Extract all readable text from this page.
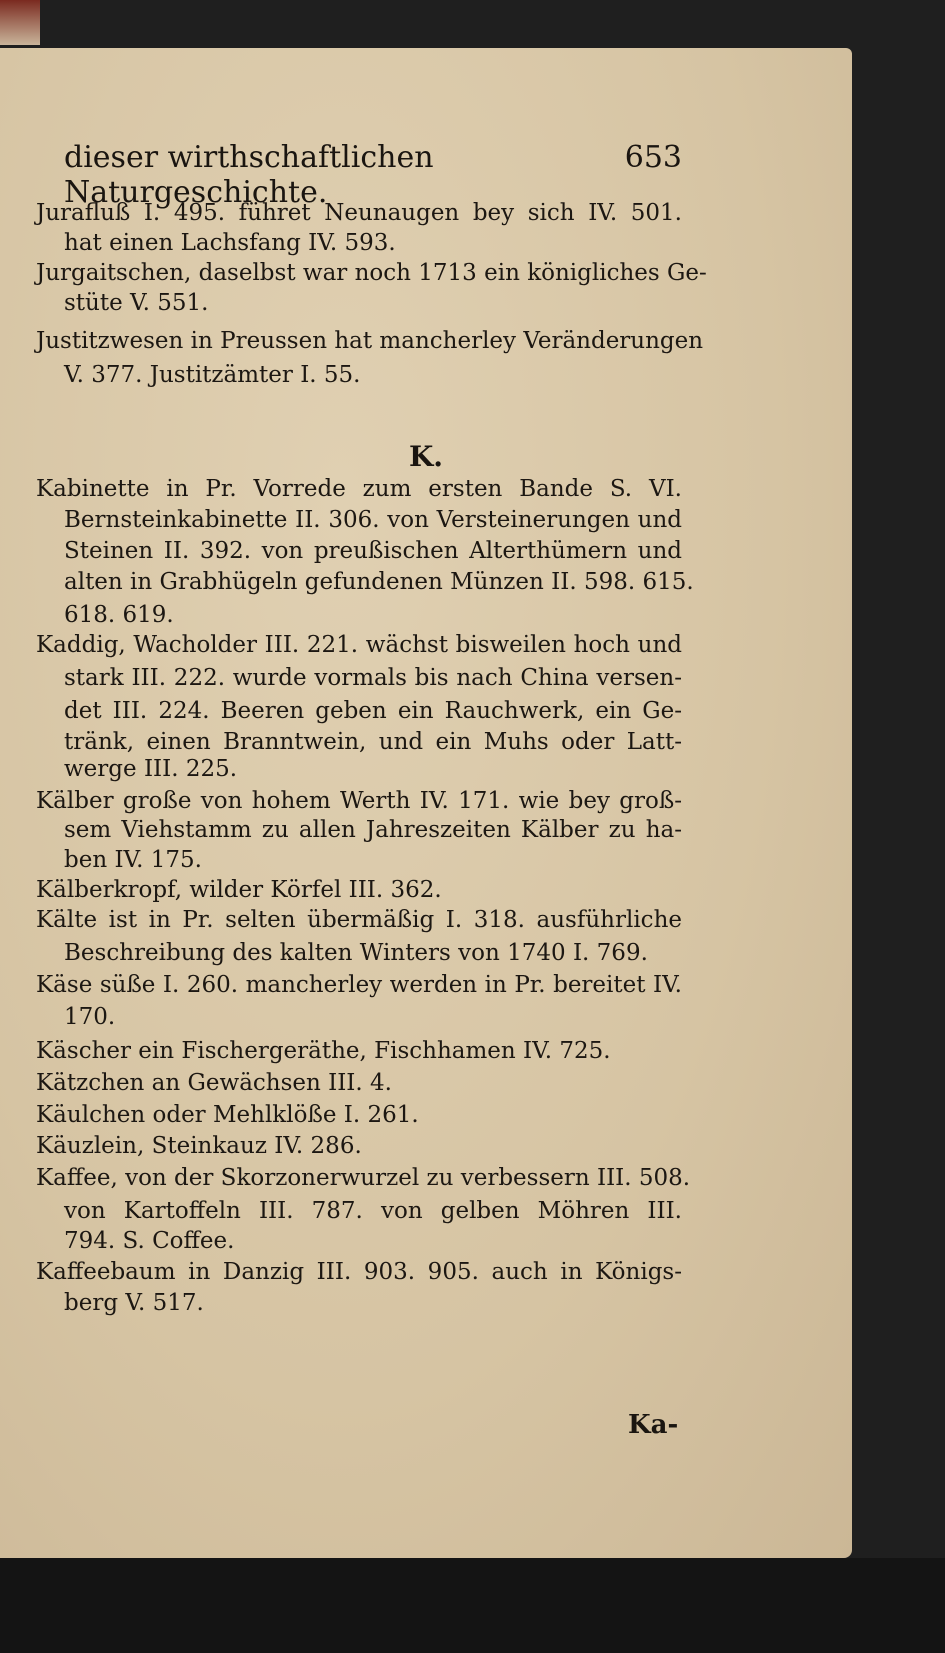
dieser wirthschaftlichen Naturgeschichte.
653
Jurafluß I. 495. führet Neunaugen bey sich IV. 501.
hat einen Lachsfang IV. 593.
Jurgaitschen, daselbst war noch 1713 ein königliches Ge-
stüte V. 551.
Justitzwesen in Preussen hat mancherley Veränderungen
V. 377. Justitzämter I. 55.
K.
Kabinette in Pr. Vorrede zum ersten Bande S. VI.
Bernsteinkabinette II. 306. von Versteinerungen und
Steinen II. 392. von preußischen Alterthümern und
alten in Grabhügeln gefundenen Münzen II. 598. 615.
618. 619.
Kaddig, Wacholder III. 221. wächst bisweilen hoch und
stark III. 222. wurde vormals bis nach China versen-
det III. 224. Beeren geben ein Rauchwerk, ein Ge-
tränk, einen Branntwein, und ein Muhs oder Latt-
werge III. 225.
Kälber große von hohem Werth IV. 171. wie bey groß-
sem Viehstamm zu allen Jahreszeiten Kälber zu ha-
ben IV. 175.
Kälberkropf, wilder Körfel III. 362.
Kälte ist in Pr. selten übermäßig I. 318. ausführliche
Beschreibung des kalten Winters von 1740 I. 769.
Käse süße I. 260. mancherley werden in Pr. bereitet IV.
170.
Käscher ein Fischergeräthe, Fischhamen IV. 725.
Kätzchen an Gewächsen III. 4.
Käulchen oder Mehlklöße I. 261.
Käuzlein, Steinkauz IV. 286.
Kaffee, von der Skorzonerwurzel zu verbessern III. 508.
von Kartoffeln III. 787. von gelben Möhren III.
794. S. Coffee.
Kaffeebaum in Danzig III. 903. 905. auch in Königs-
berg V. 517.
Ka-
